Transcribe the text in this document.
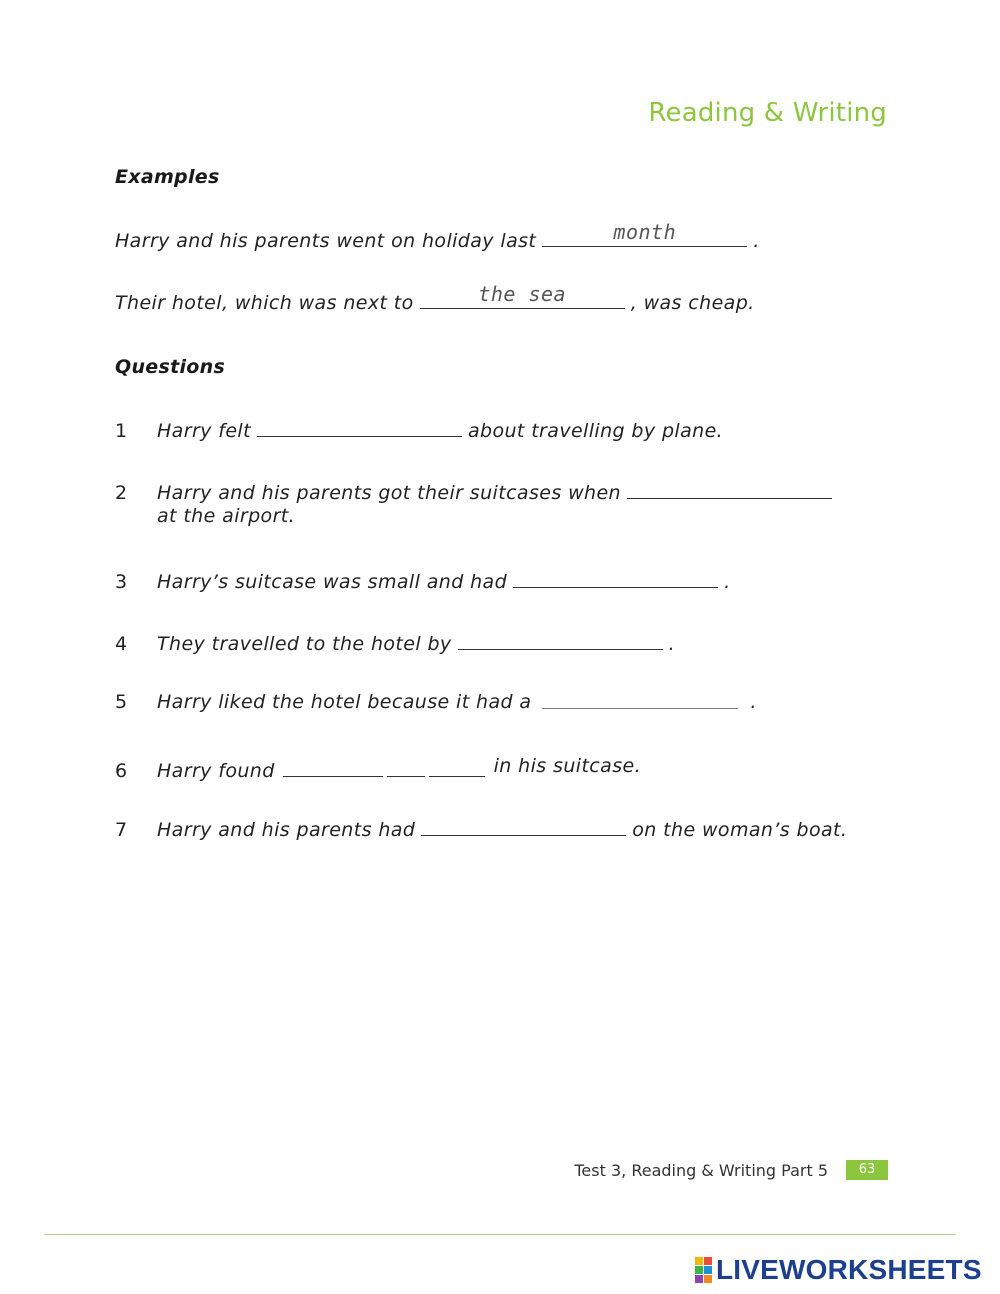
Reading & Writing
Examples
Harry and his parents went on holiday last	month	.
Their hotel, which was next to	the sea	, was cheap.
Questions
1 Harry felt	about travelling by plane.
2 Harry and his parents got their suitcases when
at the airport.
3 Harry’s suitcase was small and had	.
4 They travelled to the hotel by	.
5 Harry liked the hotel because it had a	.
6 Harry found	in his suitcase.
7 Harry and his parents had	on the woman’s boat.
Test 3, Reading & Writing Part 5	63
LIVEWORKSHEETS
